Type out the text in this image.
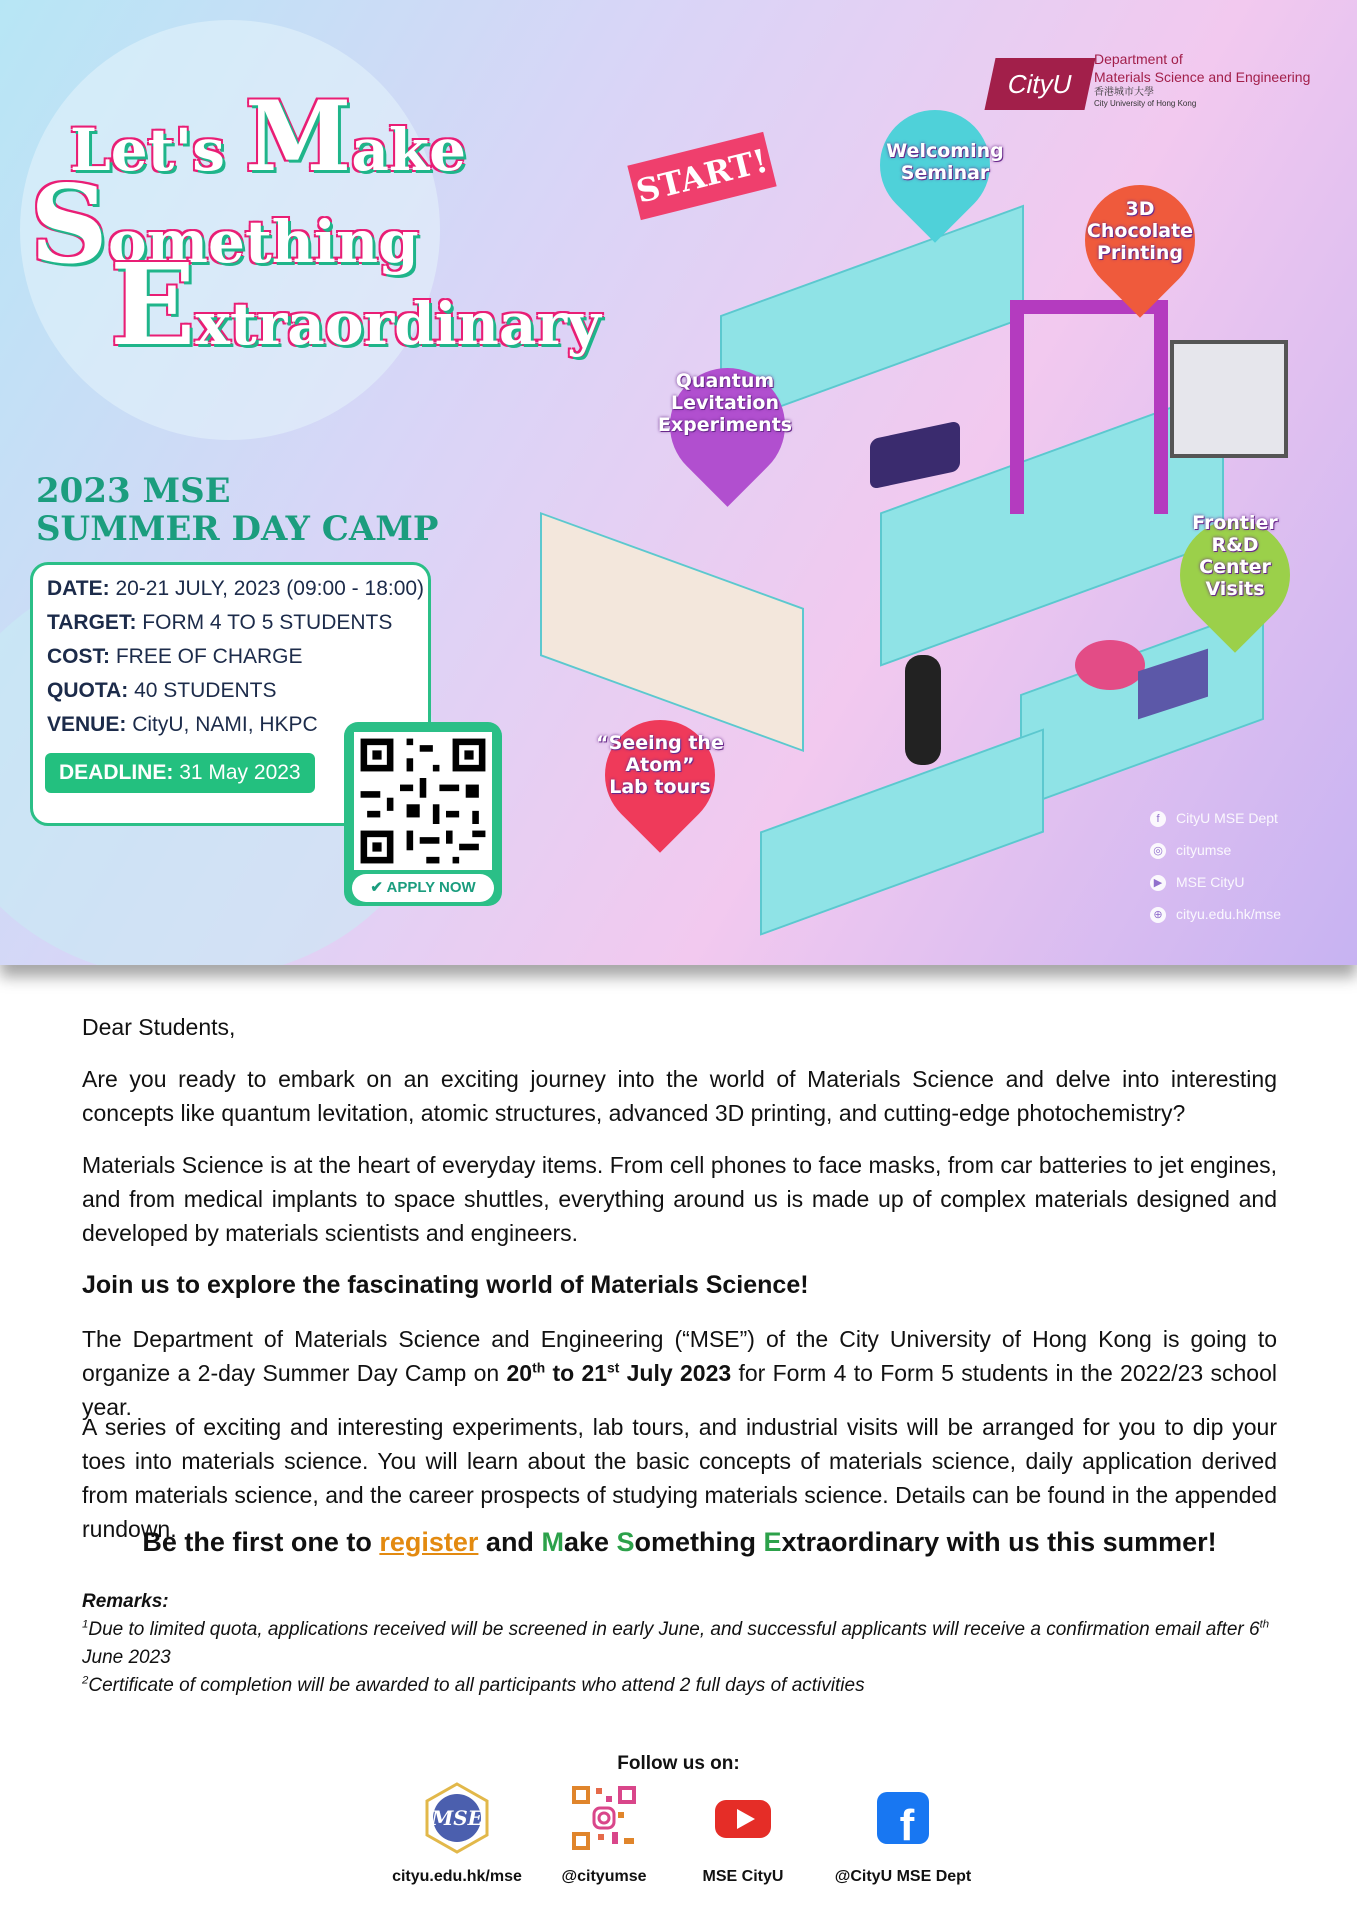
Let's Make
Something
Extraordinary
2023 MSE
SUMMER DAY CAMP
DATE: 20-21 JULY, 2023 (09:00 - 18:00)
TARGET: FORM 4 TO 5 STUDENTS
COST: FREE OF CHARGE
QUOTA: 40 STUDENTS
VENUE: CityU, NAMI, HKPC
DEADLINE: 31 May 2023
✔ APPLY NOW
START!	Welcoming
Seminar
3D
Chocolate
Printing
Quantum
Levitation
Experiments
Frontier
R&D
Center
Visits
“Seeing the
Atom”
Lab tours
CityU
Department of
Materials Science and Engineering
香港城市大學
City University of Hong Kong
f CityU MSE Dept
◎ cityumse
▶ MSE CityU
⊕ cityu.edu.hk/mse
Dear Students,
Are you ready to embark on an exciting journey into the world of Materials Science and delve into interesting concepts like quantum levitation, atomic structures, advanced 3D printing, and cutting-edge photochemistry?
Materials Science is at the heart of everyday items. From cell phones to face masks, from car batteries to jet engines, and from medical implants to space shuttles, everything around us is made up of complex materials designed and developed by materials scientists and engineers.
Join us to explore the fascinating world of Materials Science!
The Department of Materials Science and Engineering (“MSE”) of the City University of Hong Kong is going to organize a 2-day Summer Day Camp on 20th to 21st July 2023 for Form 4 to Form 5 students in the 2022/23 school year.
A series of exciting and interesting experiments, lab tours, and industrial visits will be arranged for you to dip your toes into materials science. You will learn about the basic concepts of materials science, daily application derived from materials science, and the career prospects of studying materials science. Details can be found in the appended rundown.
Be the first one to register and Make Something Extraordinary with us this summer!
Remarks:
$^1$Due to limited quota, applications received will be screened in early June, and successful applicants will receive a confirmation email after 6th June 2023
$^2$Certificate of completion will be awarded to all participants who attend 2 full days of activities
Follow us on:
MSE
cityu.edu.hk/mse	@cityumse	MSE CityU
f
@CityU MSE Dept
